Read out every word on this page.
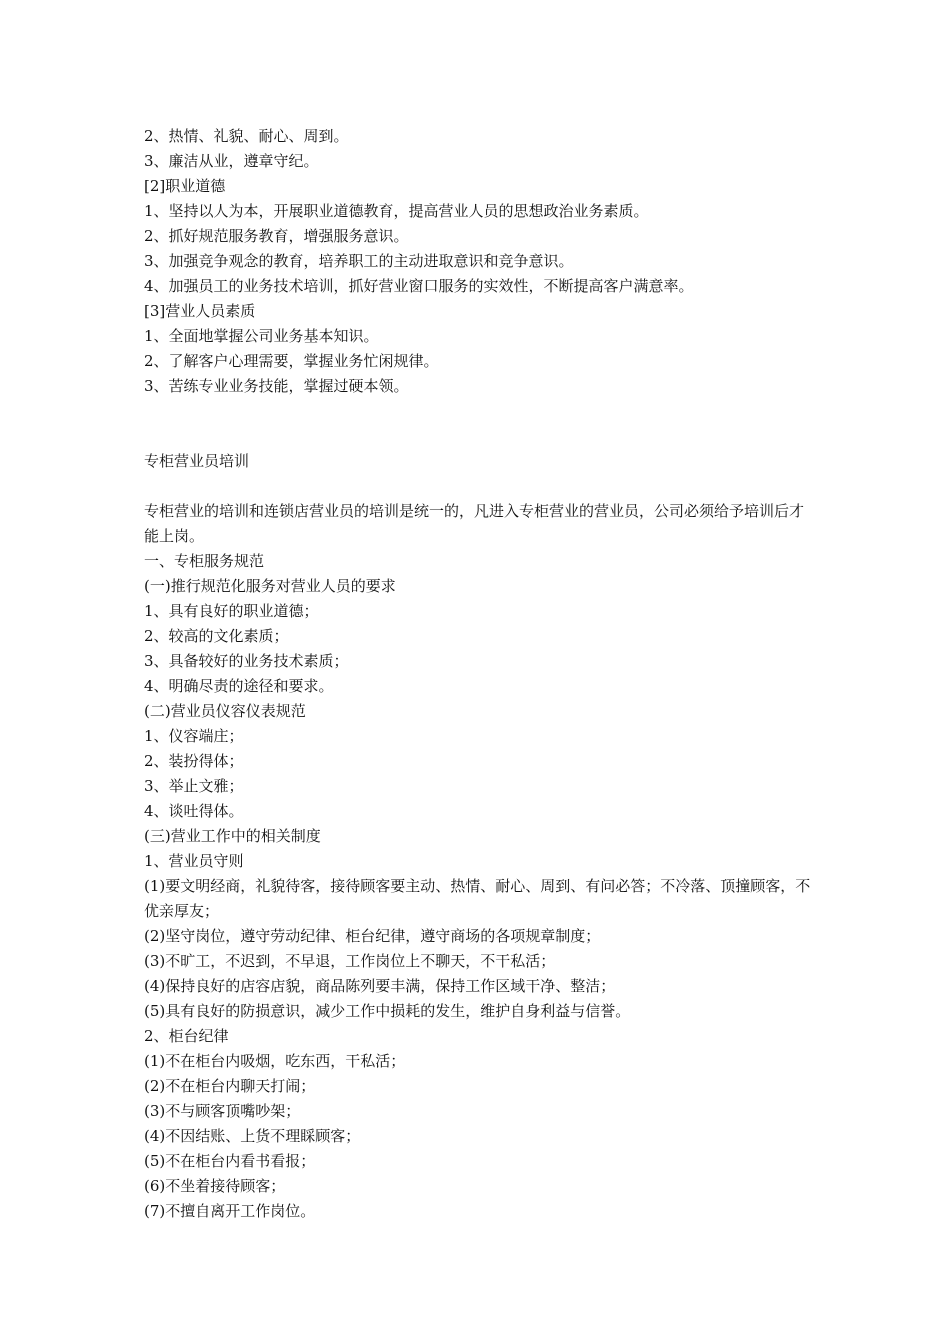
2、热情、礼貌、耐心、周到。

3、廉洁从业，遵章守纪。

[2]职业道德

1、坚持以人为本，开展职业道德教育，提高营业人员的思想政治业务素质。

2、抓好规范服务教育，增强服务意识。

3、加强竞争观念的教育，培养职工的主动进取意识和竞争意识。

4、加强员工的业务技术培训，抓好营业窗口服务的实效性，不断提高客户满意率。

[3]营业人员素质

1、全面地掌握公司业务基本知识。

2、了解客户心理需要，掌握业务忙闲规律。

3、苦练专业业务技能，掌握过硬本领。

专柜营业员培训

专柜营业的培训和连锁店营业员的培训是统一的，凡进入专柜营业的营业员，公司必须给予培训后才能上岗。

一、专柜服务规范

(一)推行规范化服务对营业人员的要求

1、具有良好的职业道德；

2、较高的文化素质；

3、具备较好的业务技术素质；

4、明确尽责的途径和要求。

(二)营业员仪容仪表规范

1、仪容端庄；

2、装扮得体；

3、举止文雅；

4、谈吐得体。

(三)营业工作中的相关制度

1、营业员守则

(1)要文明经商，礼貌待客，接待顾客要主动、热情、耐心、周到、有问必答；不冷落、顶撞顾客，不优亲厚友；

(2)坚守岗位，遵守劳动纪律、柜台纪律，遵守商场的各项规章制度；

(3)不旷工，不迟到，不早退，工作岗位上不聊天，不干私活；

(4)保持良好的店容店貌，商品陈列要丰满，保持工作区域干净、整洁；

(5)具有良好的防损意识，减少工作中损耗的发生，维护自身利益与信誉。

2、柜台纪律

(1)不在柜台内吸烟，吃东西，干私活；

(2)不在柜台内聊天打闹；

(3)不与顾客顶嘴吵架；

(4)不因结账、上货不理睬顾客；

(5)不在柜台内看书看报；

(6)不坐着接待顾客；

(7)不擅自离开工作岗位。
